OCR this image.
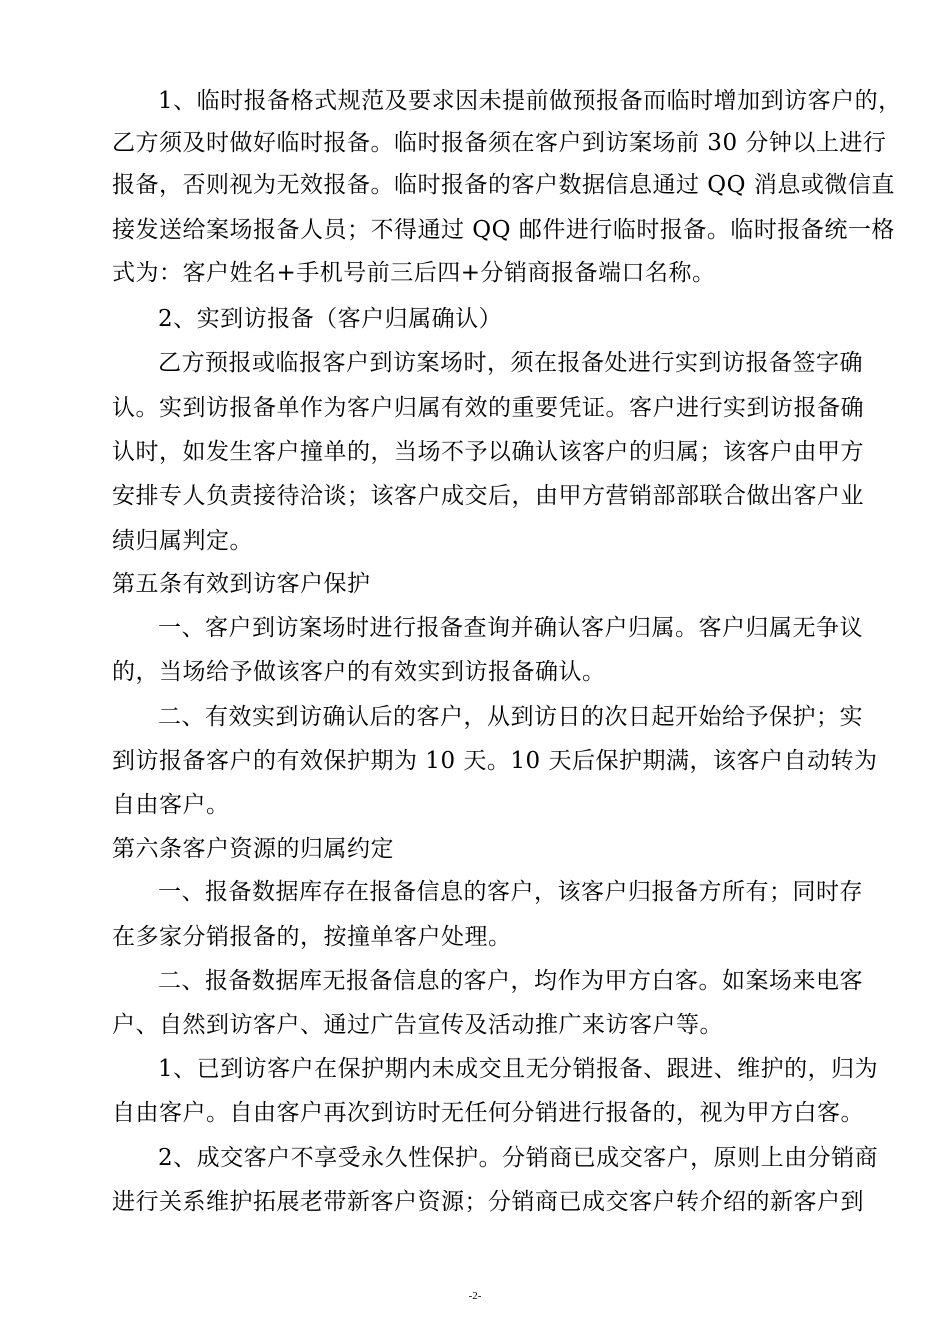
1、临时报备格式规范及要求因未提前做预报备而临时增加到访客户的，
乙方须及时做好临时报备。临时报备须在客户到访案场前 30 分钟以上进行
报备，否则视为无效报备。临时报备的客户数据信息通过 QQ 消息或微信直
接发送给案场报备人员；不得通过 QQ 邮件进行临时报备。临时报备统一格
式为：客户姓名+手机号前三后四+分销商报备端口名称。
2、实到访报备（客户归属确认）
乙方预报或临报客户到访案场时，须在报备处进行实到访报备签字确
认。实到访报备单作为客户归属有效的重要凭证。客户进行实到访报备确
认时，如发生客户撞单的，当场不予以确认该客户的归属；该客户由甲方
安排专人负责接待洽谈；该客户成交后，由甲方营销部部联合做出客户业
绩归属判定。
第五条有效到访客户保护
一、客户到访案场时进行报备查询并确认客户归属。客户归属无争议
的，当场给予做该客户的有效实到访报备确认。
二、有效实到访确认后的客户，从到访日的次日起开始给予保护；实
到访报备客户的有效保护期为 10 天。10 天后保护期满，该客户自动转为
自由客户。
第六条客户资源的归属约定
一、报备数据库存在报备信息的客户，该客户归报备方所有；同时存
在多家分销报备的，按撞单客户处理。
二、报备数据库无报备信息的客户，均作为甲方白客。如案场来电客
户、自然到访客户、通过广告宣传及活动推广来访客户等。
1、已到访客户在保护期内未成交且无分销报备、跟进、维护的，归为
自由客户。自由客户再次到访时无任何分销进行报备的，视为甲方白客。
2、成交客户不享受永久性保护。分销商已成交客户，原则上由分销商
进行关系维护拓展老带新客户资源；分销商已成交客户转介绍的新客户到
-2-
